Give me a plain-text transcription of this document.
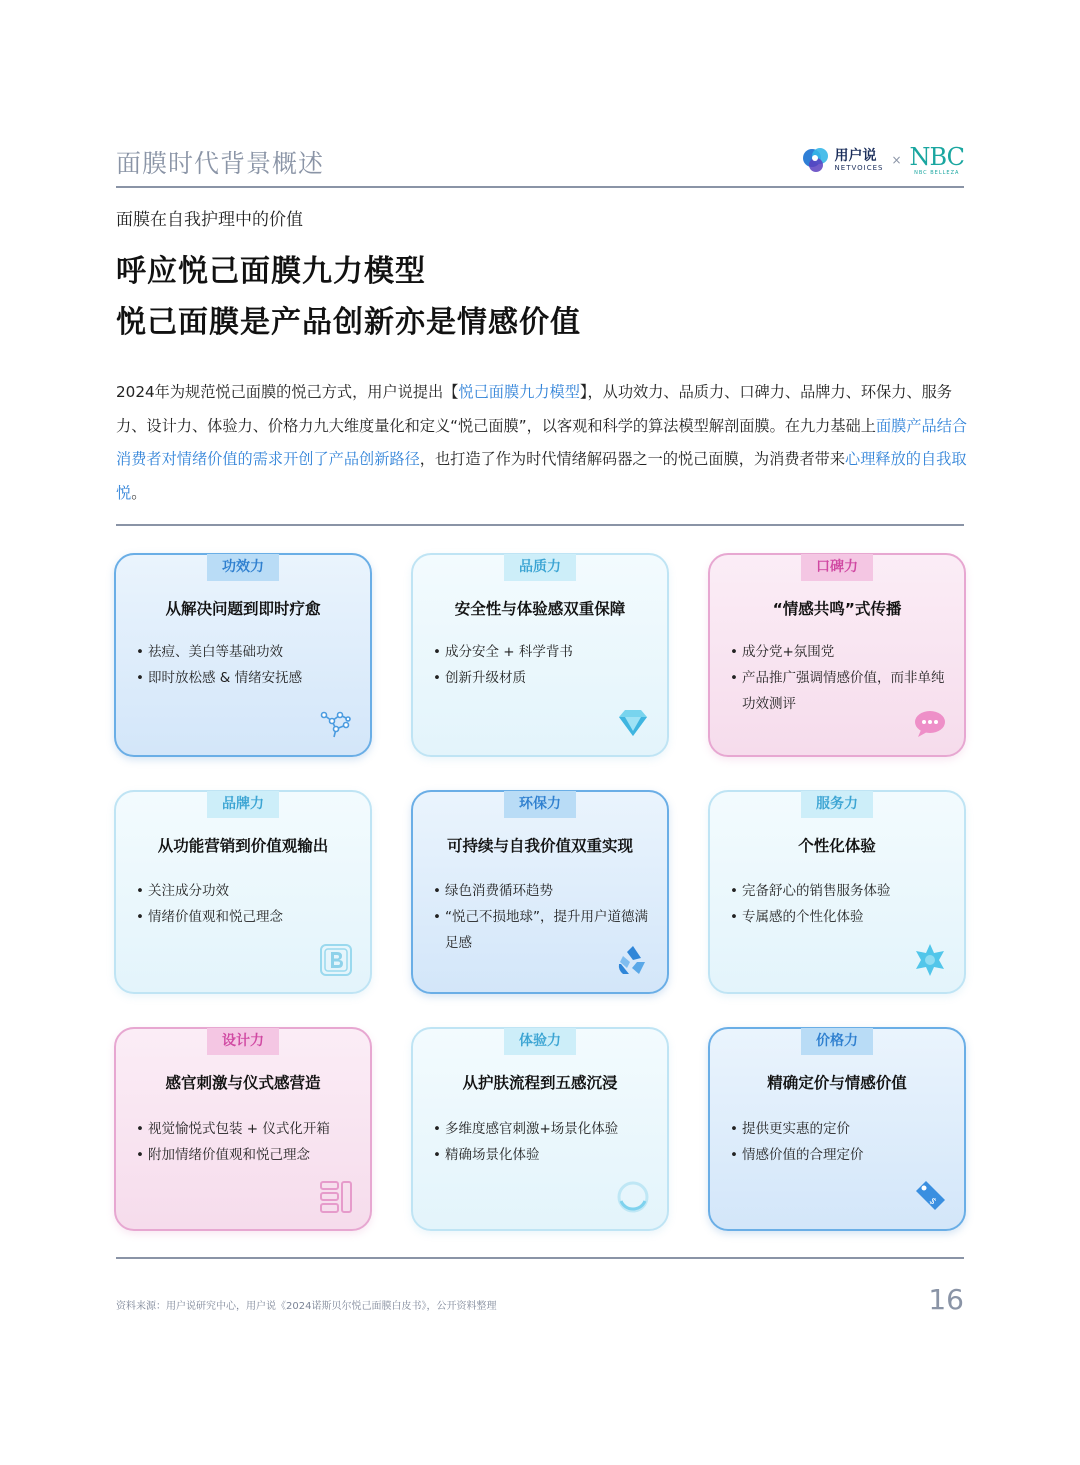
面膜时代背景概述	用户说
NETVOICES
× NBC
NBC BELLEZA
面膜在自我护理中的价值
呼应悦己面膜九力模型
悦己面膜是产品创新亦是情感价值
2024年为规范悦己面膜的悦己方式，用户说提出【悦己面膜九力模型】，从功效力、品质力、口碑力、品牌力、环保力、服务力、设计力、体验力、价格力九大维度量化和定义“悦己面膜”，以客观和科学的算法模型解剖面膜。在九力基础上面膜产品结合消费者对情绪价值的需求开创了产品创新路径，也打造了作为时代情绪解码器之一的悦己面膜，为消费者带来心理释放的自我取悦。
功效力
从解决问题到即时疗愈
• 祛痘、美白等基础功效
• 即时放松感 & 情绪安抚感
品质力
安全性与体验感双重保障
• 成分安全 + 科学背书
• 创新升级材质
口碑力
“情感共鸣”式传播
• 成分党+氛围党
• 产品推广强调情感价值，而非单纯功效测评
品牌力
从功能营销到价值观输出
• 关注成分功效
• 情绪价值观和悦己理念
环保力
可持续与自我价值双重实现
• 绿色消费循环趋势
• “悦己不损地球”，提升用户道德满足感
服务力
个性化体验
• 完备舒心的销售服务体验
• 专属感的个性化体验
设计力
感官刺激与仪式感营造
• 视觉愉悦式包装 + 仪式化开箱
• 附加情绪价值观和悦己理念
体验力
从护肤流程到五感沉浸
• 多维度感官刺激+场景化体验
• 精确场景化体验
价格力
精确定价与情感价值
• 提供更实惠的定价
• 情感价值的合理定价
$
资料来源：用户说研究中心，用户说《2024诺斯贝尔悦己面膜白皮书》，公开资料整理	16
